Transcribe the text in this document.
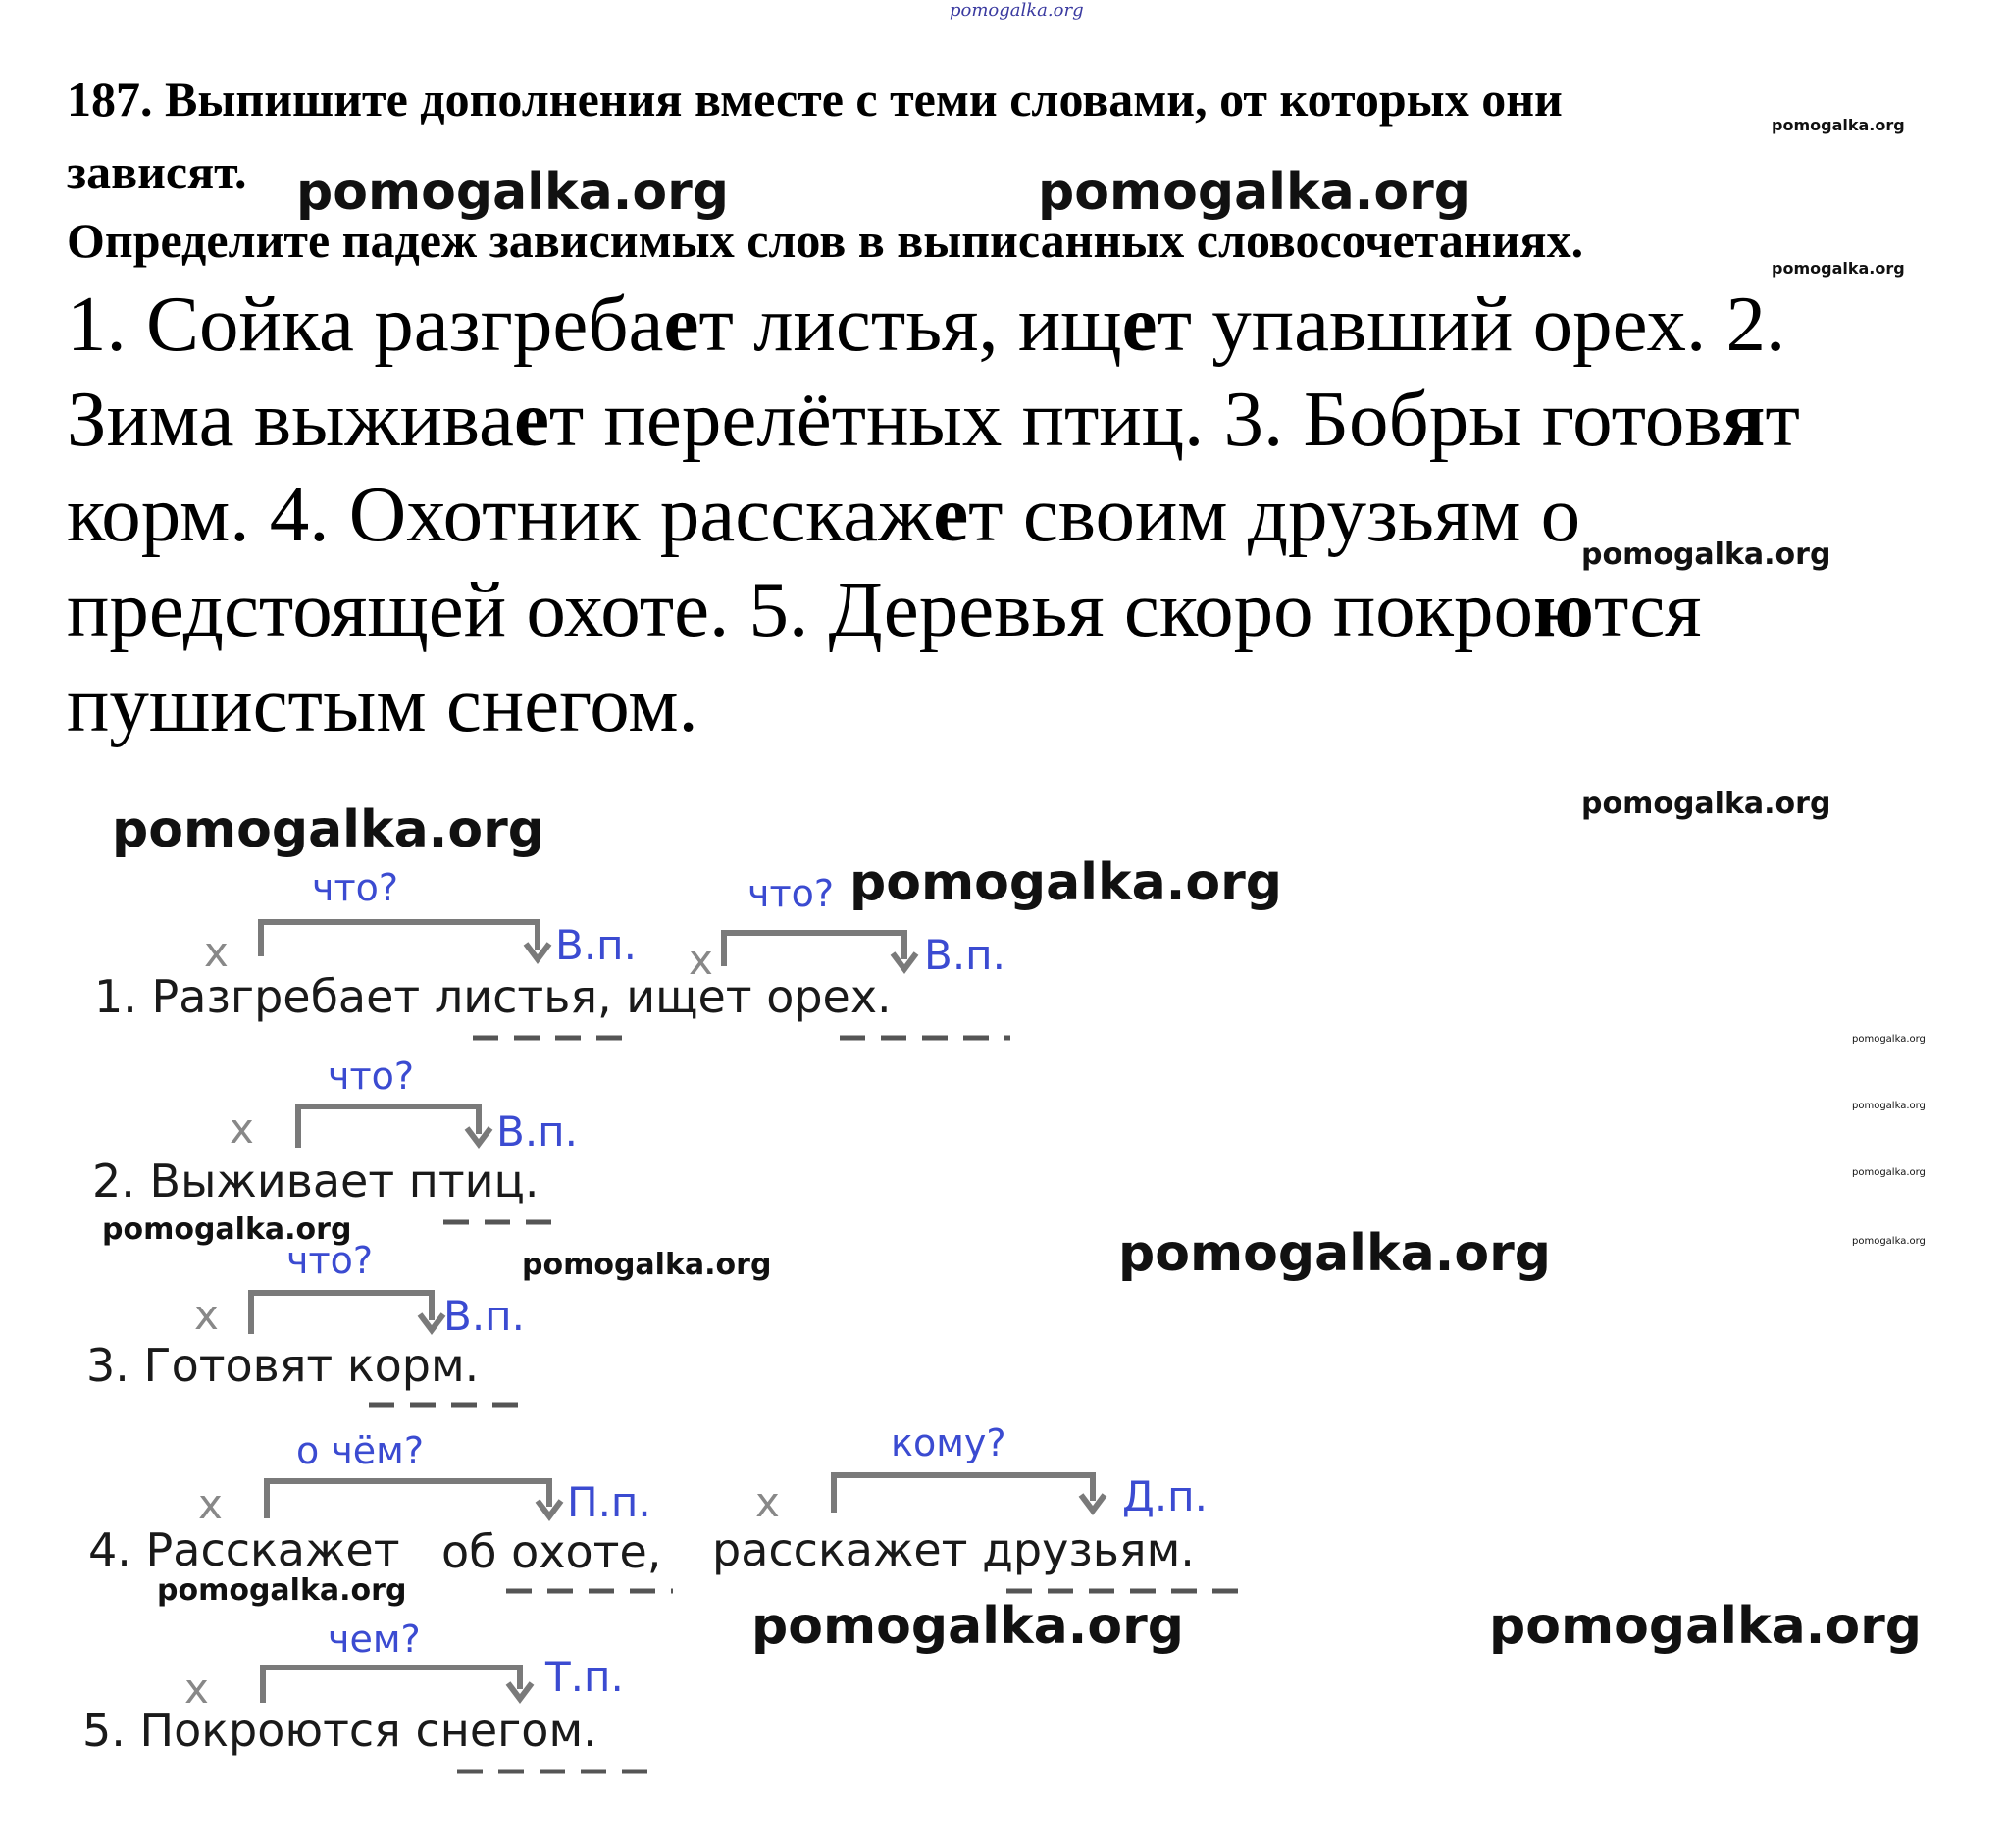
pomogalka.org
187. Выпишите дополнения вместе с теми словами, от которых они
зависят.
Определите падеж зависимых слов в выписанных словосочетаниях.
1. Сойка разгребает листья, ищет упавший орех. 2. Зима выживает перелётных птиц. 3. Бобры готовят корм. 4. Охотник расскажет своим друзьям о предстоящей охоте. 5. Деревья скоро покроются пушистым снегом.
x
что?
В.п. x
что?
В.п.
1. Разгребает листья, ищет орех.
x
что?
В.п.
2. Выживает птиц.
x
что?
В.п.
3. Готовят корм.
x
о чём?
П.п.	x
кому?
Д.п.
4. Расскажет об охоте, расскажет друзьям.
x
чем?
Т.п.
5. Покроются снегом.
pomogalka.org
pomogalka.org	pomogalka.org
pomogalka.org
pomogalka.org
pomogalka.org	pomogalka.org
pomogalka.org
pomogalka.org
pomogalka.org
pomogalka.org
pomogalka.org
pomogalka.org
pomogalka.org	pomogalka.org
pomogalka.org
pomogalka.org	pomogalka.org
